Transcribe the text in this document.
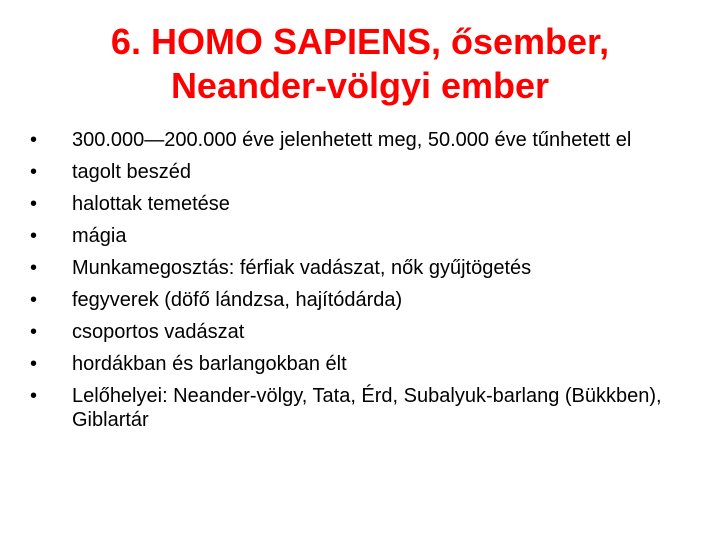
6. HOMO SAPIENS, ősember,
Neander-völgyi ember
•	300.000—200.000 éve jelenhetett meg, 50.000 éve tűnhetett el
•	tagolt beszéd
•	halottak temetése
•	mágia
•	Munkamegosztás: férfiak vadászat, nők gyűjtögetés
•	fegyverek (döfő lándzsa, hajítódárda)
•	csoportos vadászat
•	hordákban és barlangokban élt
•	Lelőhelyei: Neander-völgy, Tata, Érd, Subalyuk-barlang (Bükkben), Giblartár
